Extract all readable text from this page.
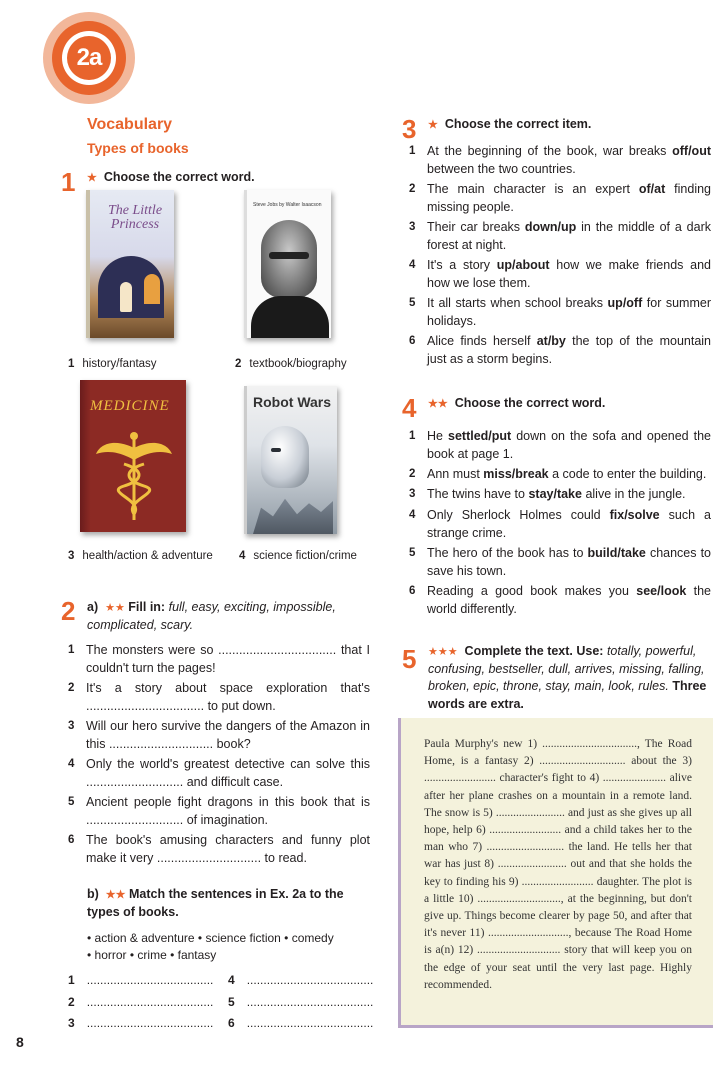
2a
Vocabulary
Types of books
1 ★ Choose the correct word.
The Little Princess
1 history/fantasy
Steve Jobs by Walter Isaacson
2 textbook/biography
MEDICINE
3 health/action & adventure
Robot Wars
4 science fiction/crime
2 a) ★★ Fill in: full, easy, exciting, impossible, complicated, scary.
1 The monsters were so .................................. that I couldn't turn the pages!
2 It's a story about space exploration that's .................................. to put down.
3 Will our hero survive the dangers of the Amazon in this .............................. book?
4 Only the world's greatest detective can solve this ............................ and difficult case.
5 Ancient people fight dragons in this book that is ............................ of imagination.
6 The book's amusing characters and funny plot make it very .............................. to read.
b) ★★ Match the sentences in Ex. 2a to the types of books.
• action & adventure • science fiction • comedy
• horror • crime • fantasy
1 ......................................
2 ......................................
3 ......................................
4 ......................................
5 ......................................
6 ......................................
8
3 ★ Choose the correct item.
1 At the beginning of the book, war breaks off/out between the two countries.
2 The main character is an expert of/at finding missing people.
3 Their car breaks down/up in the middle of a dark forest at night.
4 It's a story up/about how we make friends and how we lose them.
5 It all starts when school breaks up/off for summer holidays.
6 Alice finds herself at/by the top of the mountain just as a storm begins.
4 ★★ Choose the correct word.
1 He settled/put down on the sofa and opened the book at page 1.
2 Ann must miss/break a code to enter the building.
3 The twins have to stay/take alive in the jungle.
4 Only Sherlock Holmes could fix/solve such a strange crime.
5 The hero of the book has to build/take chances to save his town.
6 Reading a good book makes you see/look the world differently.
5 ★★★ Complete the text. Use: totally, powerful, confusing, bestseller, dull, arrives, missing, falling, broken, epic, throne, stay, main, look, rules. Three words are extra.
Paula Murphy's new 1) ................................., The Road Home, is a fantasy 2) .............................. about the 3) ......................... character's fight to 4) ...................... alive after her plane crashes on a mountain in a remote land. The snow is 5) ........................ and just as she gives up all hope, help 6) ......................... and a child takes her to the man who 7) ........................... the land. He tells her that war has just 8) ........................ out and that she holds the key to finding his 9) ......................... daughter. The plot is a little 10) ............................., at the beginning, but don't give up. Things become clearer by page 50, and after that it's never 11) ............................, because The Road Home is a(n) 12) ............................. story that will keep you on the edge of your seat until the very last page. Highly recommended.
